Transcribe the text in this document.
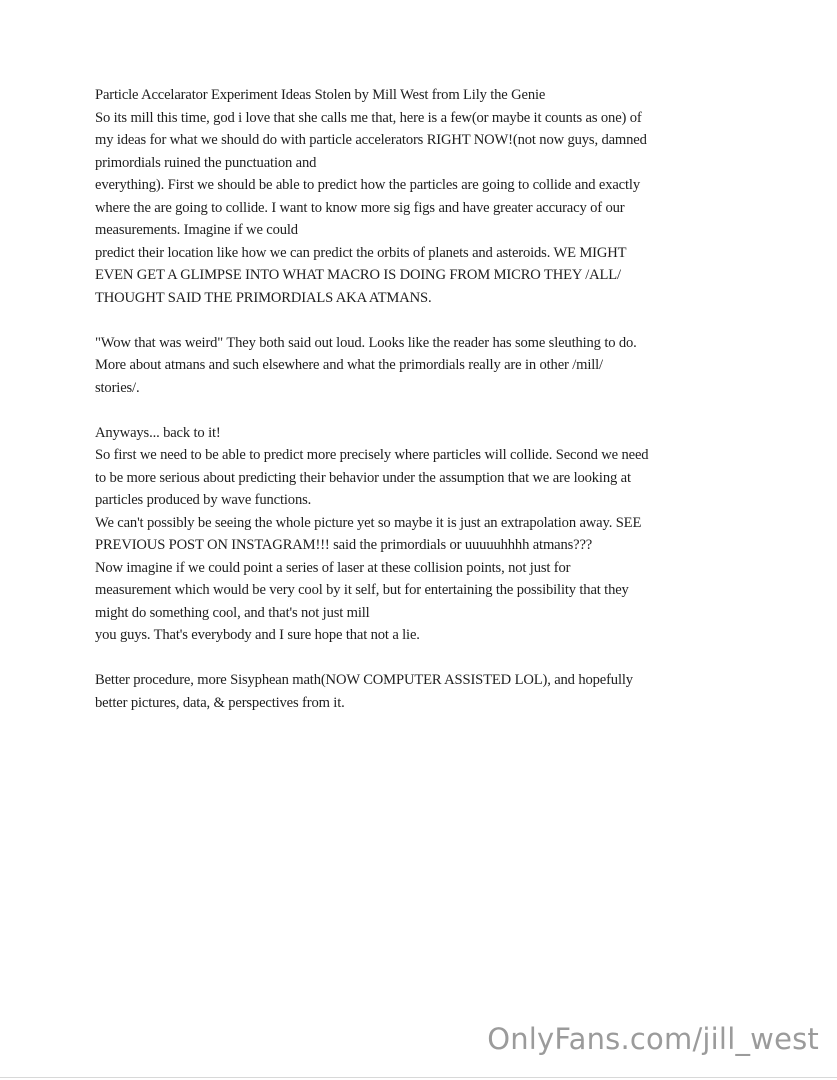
Particle Accelarator Experiment Ideas Stolen by Mill West from Lily the Genie
So its mill this time, god i love that she calls me that, here is a few(or maybe it counts as one) of
my ideas for what we should do with particle accelerators RIGHT NOW!(not now guys, damned
primordials ruined the punctuation and
everything). First we should be able to predict how the particles are going to collide and exactly
where the are going to collide. I want to know more sig figs and have greater accuracy of our
measurements. Imagine if we could
predict their location like how we can predict the orbits of planets and asteroids. WE MIGHT
EVEN GET A GLIMPSE INTO WHAT MACRO IS DOING FROM MICRO THEY /ALL/
THOUGHT SAID THE PRIMORDIALS AKA ATMANS.
"Wow that was weird" They both said out loud. Looks like the reader has some sleuthing to do.
More about atmans and such elsewhere and what the primordials really are in other /mill/
stories/.
Anyways... back to it!
So first we need to be able to predict more precisely where particles will collide. Second we need
to be more serious about predicting their behavior under the assumption that we are looking at
particles produced by wave functions.
We can't possibly be seeing the whole picture yet so maybe it is just an extrapolation away. SEE
PREVIOUS POST ON INSTAGRAM!!! said the primordials or uuuuuhhhh atmans???
Now imagine if we could point a series of laser at these collision points, not just for
measurement which would be very cool by it self, but for entertaining the possibility that they
might do something cool, and that's not just mill
you guys. That's everybody and I sure hope that not a lie.
Better procedure, more Sisyphean math(NOW COMPUTER ASSISTED LOL), and hopefully
better pictures, data, & perspectives from it.
OnlyFans.com/jill_west
